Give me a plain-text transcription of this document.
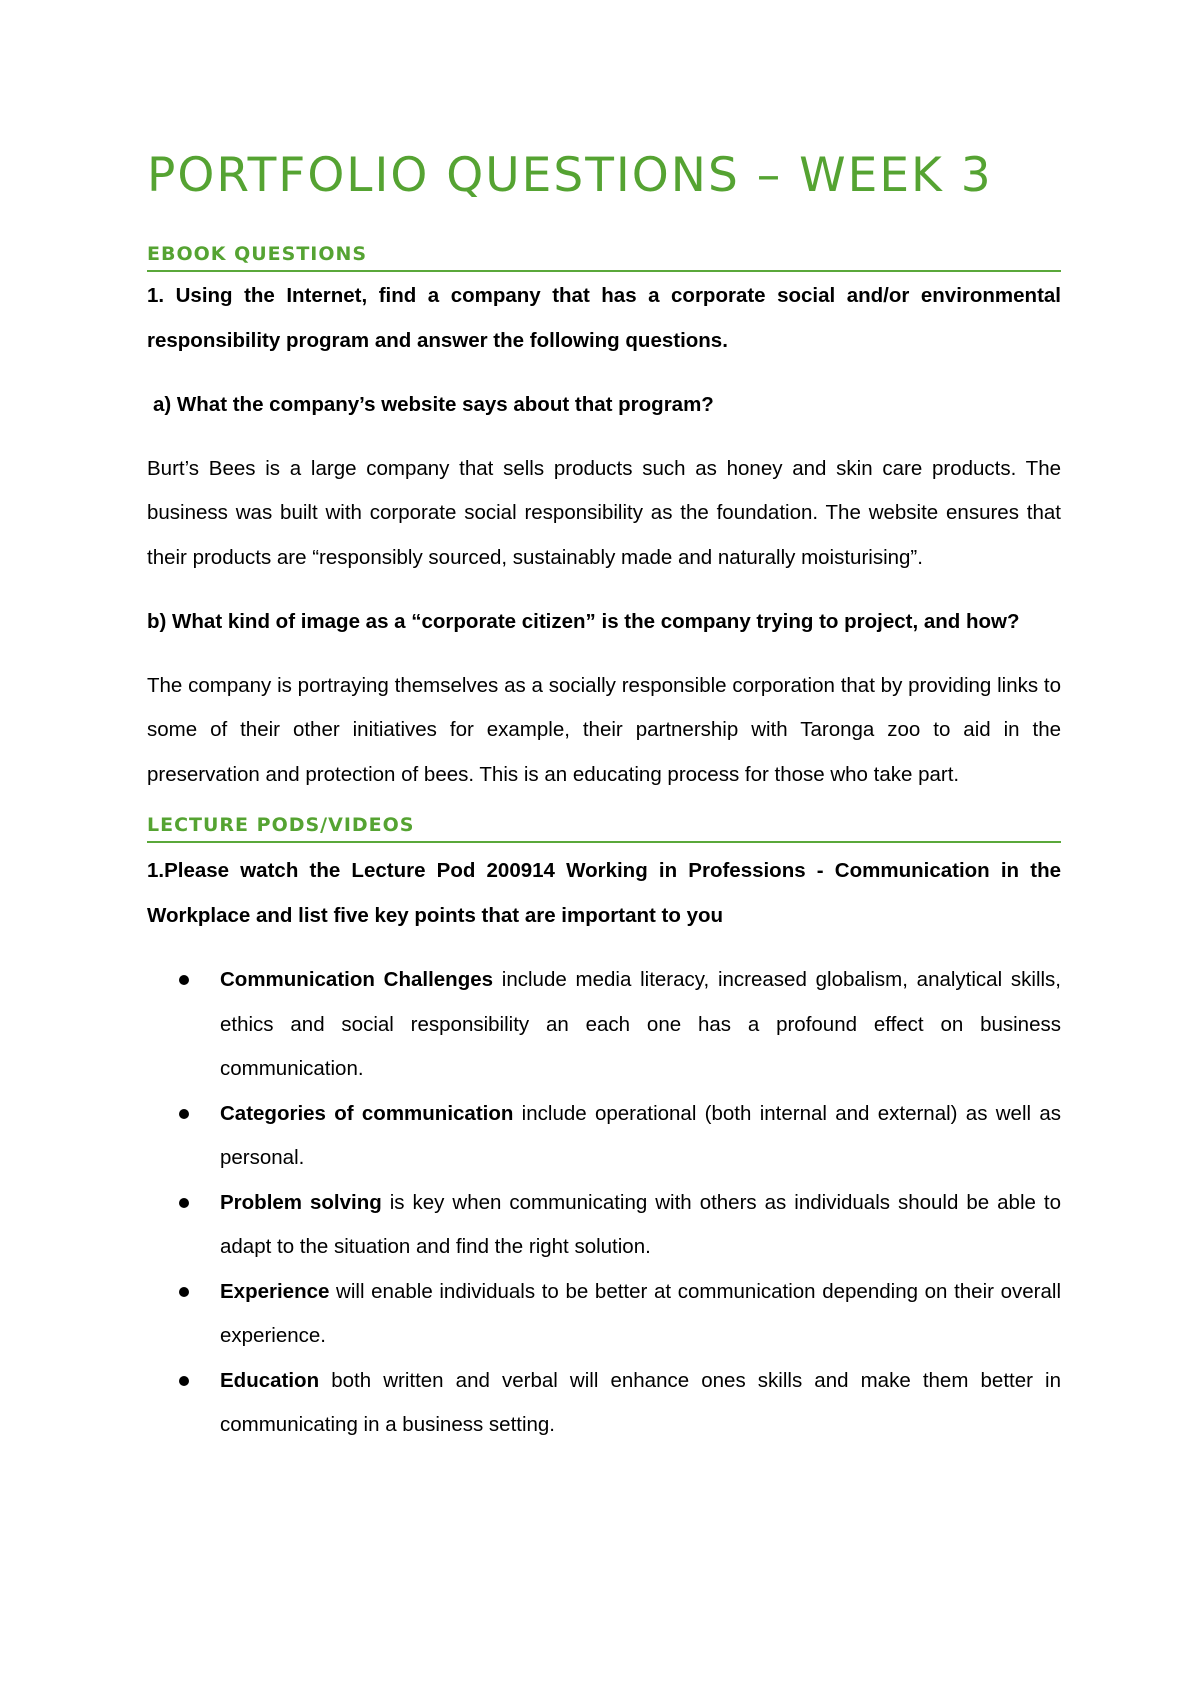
PORTFOLIO QUESTIONS – WEEK 3
EBOOK QUESTIONS

1. Using the Internet, find a company that has a corporate social and/or environmental responsibility program and answer the following questions.

a) What the company’s website says about that program?

Burt’s Bees is a large company that sells products such as honey and skin care products. The business was built with corporate social responsibility as the foundation. The website ensures that their products are “responsibly sourced, sustainably made and naturally moisturising”.

b) What kind of image as a “corporate citizen” is the company trying to project, and how?

The company is portraying themselves as a socially responsible corporation that by providing links to some of their other initiatives for example, their partnership with Taronga zoo to aid in the preservation and protection of bees. This is an educating process for those who take part.

LECTURE PODS/VIDEOS

1.Please watch the Lecture Pod 200914 Working in Professions - Communication in the Workplace and list five key points that are important to you

Communication Challenges include media literacy, increased globalism, analytical skills, ethics and social responsibility an each one has a profound effect on business communication.
Categories of communication include operational (both internal and external) as well as personal.
Problem solving is key when communicating with others as individuals should be able to adapt to the situation and find the right solution.
Experience will enable individuals to be better at communication depending on their overall experience.
Education both written and verbal will enhance ones skills and make them better in communicating in a business setting.
